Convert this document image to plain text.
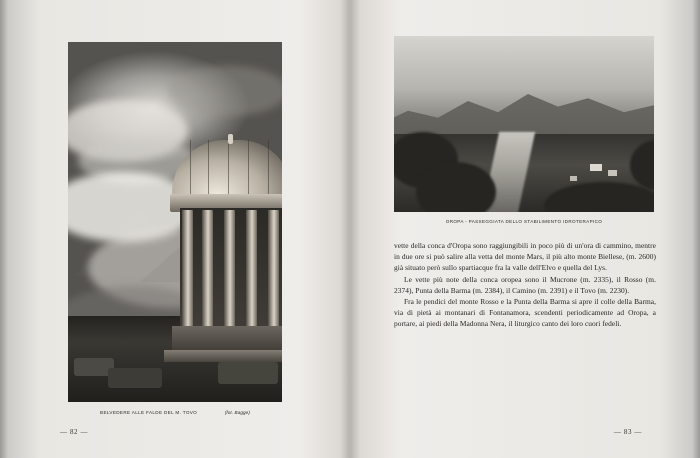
BELVEDERE ALLE FALDE DEL M. TOVO	(fot. Bagge)
— 82 —
OROPA - PASSEGGIATA DELLO STABILIMENTO IDROTERAPICO

vette della conca d'Oropa sono raggiungibili in poco più di un'ora di cammino, mentre in due ore si può salire alla vetta del monte Mars, il più alto monte Biellese, (m. 2600) già situato però sullo spartiacque fra la valle dell'Elvo e quella del Lys.

Le vette più note della conca oropea sono il Mucrone (m. 2335), il Rosso (m. 2374), Punta della Barma (m. 2384), il Camino (m. 2391) e il Tovo (m. 2230).

Fra le pendici del monte Rosso e la Punta della Barma si apre il colle della Barma, via di pietà ai montanari di Fontanamora, scendenti periodicamente ad Oropa, a portare, ai piedi della Madonna Nera, il liturgico canto dei loro cuori fedeli.

— 83 —
